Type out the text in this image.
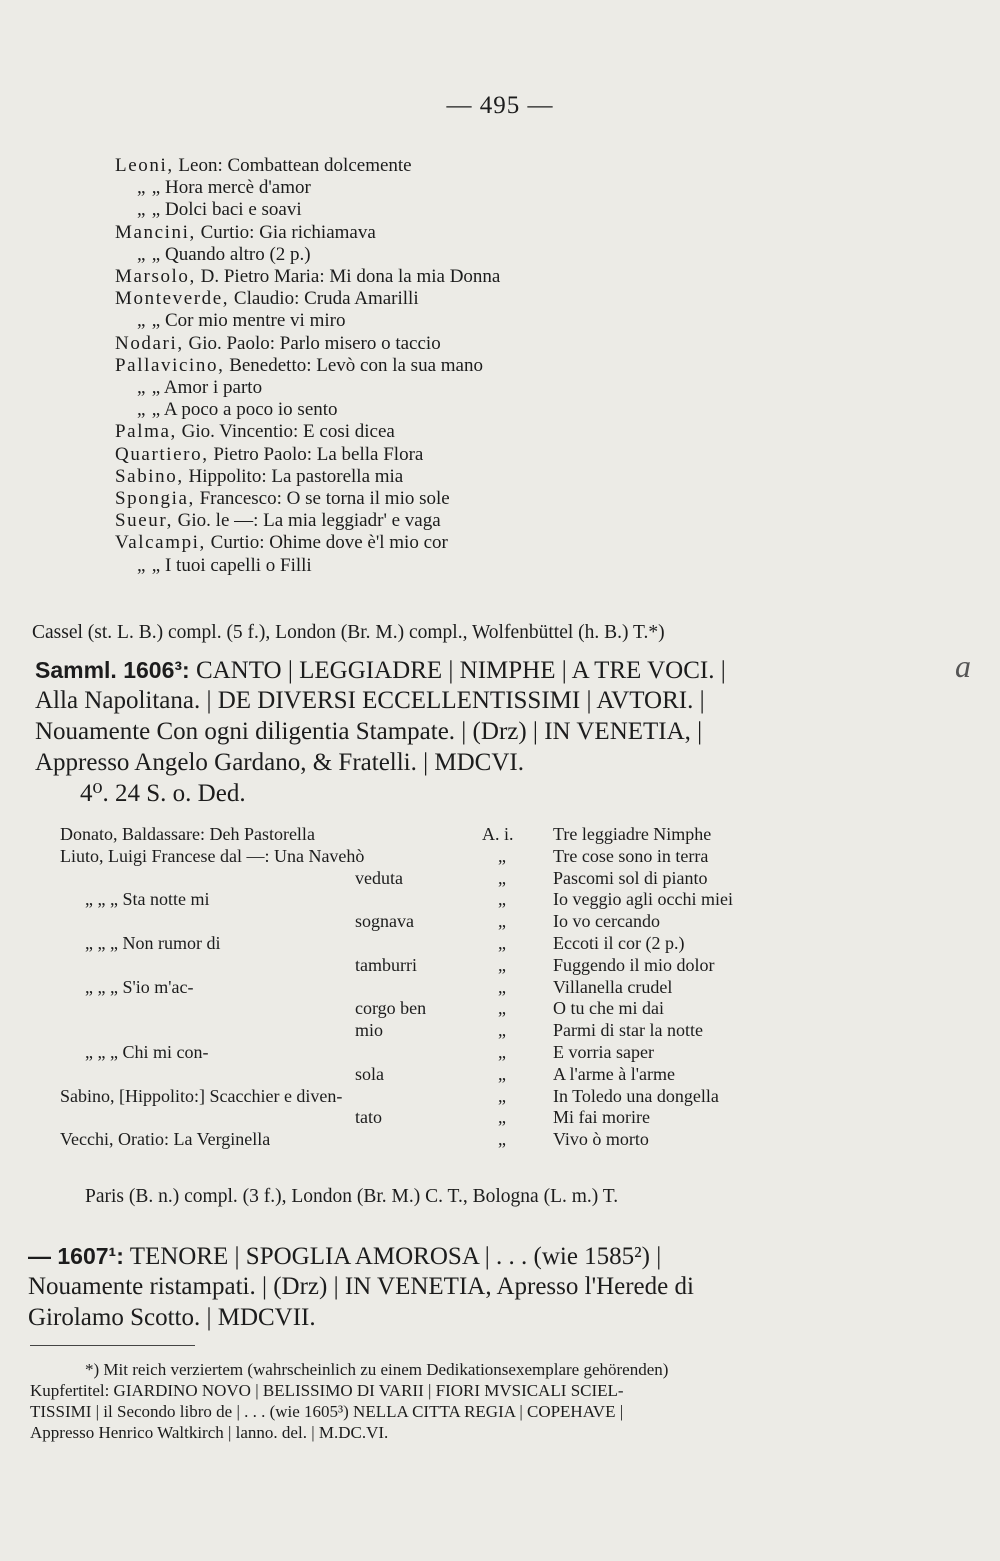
— 495 —
Leoni, Leon: Combattean dolcemente
„ „ Hora mercè d'amor
„ „ Dolci baci e soavi
Mancini, Curtio: Gia richiamava
„ „ Quando altro (2 p.)
Marsolo, D. Pietro Maria: Mi dona la mia Donna
Monteverde, Claudio: Cruda Amarilli
„ „ Cor mio mentre vi miro
Nodari, Gio. Paolo: Parlo misero o taccio
Pallavicino, Benedetto: Levò con la sua mano
„ „ Amor i parto
„ „ A poco a poco io sento
Palma, Gio. Vincentio: E cosi dicea
Quartiero, Pietro Paolo: La bella Flora
Sabino, Hippolito: La pastorella mia
Spongia, Francesco: O se torna il mio sole
Sueur, Gio. le —: La mia leggiadr' e vaga
Valcampi, Curtio: Ohime dove è'l mio cor
„ „ I tuoi capelli o Filli
Cassel (st. L. B.) compl. (5 f.), London (Br. M.) compl., Wolfenbüttel (h. B.) T.*)
Samml. 1606³: CANTO | LEGGIADRE | NIMPHE | A TRE VOCI. |
Alla Napolitana. | DE DIVERSI ECCELLENTISSIMI | AVTORI. |
Nouamente Con ogni diligentia Stampate. | (Drz) | IN VENETIA, |
Appresso Angelo Gardano, & Fratelli. | MDCVI.
4⁰. 24 S. o. Ded.
Donato, Baldassare: Deh Pastorella
Liuto, Luigi Francese dal —: Una Navehò
veduta
„ „ „ Sta notte mi
sognava
„ „ „ Non rumor di
tamburri
„ „ „ S'io m'ac-
corgo ben
mio
„ „ „ Chi mi con-
sola
Sabino, [Hippolito:] Scacchier e diven-
tato
Vecchi, Oratio: La Verginella
A. i.
„
„
„
„
„
„
„
„
„
„
„
„
„
„
Tre leggiadre Nimphe
Tre cose sono in terra
Pascomi sol di pianto
Io veggio agli occhi miei
Io vo cercando
Eccoti il cor (2 p.)
Fuggendo il mio dolor
Villanella crudel
O tu che mi dai
Parmi di star la notte
E vorria saper
A l'arme à l'arme
In Toledo una dongella
Mi fai morire
Vivo ò morto
Paris (B. n.) compl. (3 f.), London (Br. M.) C. T., Bologna (L. m.) T.
— 1607¹: TENORE | SPOGLIA AMOROSA | . . . (wie 1585²) |
Nouamente ristampati. | (Drz) | IN VENETIA, Apresso l'Herede di
Girolamo Scotto. | MDCVII.
*) Mit reich verziertem (wahrscheinlich zu einem Dedikationsexemplare gehörenden)
Kupfertitel: GIARDINO NOVO | BELISSIMO DI VARII | FIORI MVSICALI SCIEL-
TISSIMI | il Secondo libro de | . . . (wie 1605³) NELLA CITTA REGIA | COPEHAVE |
Appresso Henrico Waltkirch | lanno. del. | M.DC.VI.
a
